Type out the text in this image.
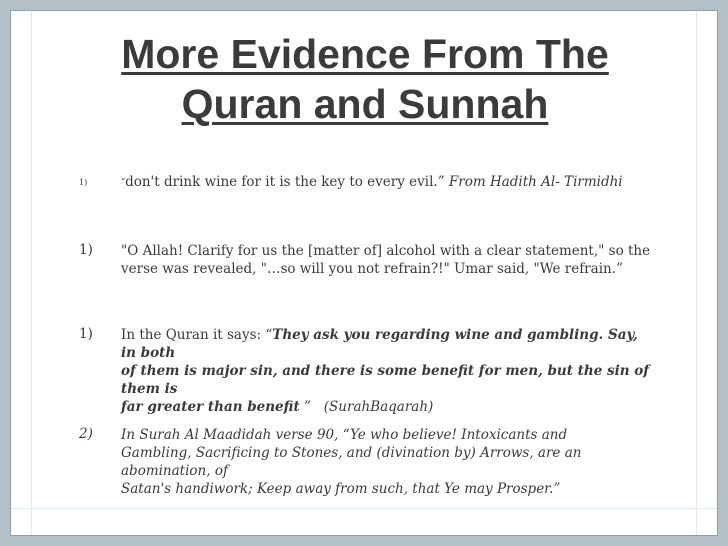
More Evidence From The
Quran and Sunnah
1)	“don't drink wine for it is the key to every evil.” From Hadith Al- Tirmidhi
1) "O Allah! Clarify for us the [matter of] alcohol with a clear statement," so the
verse was revealed, "…so will you not refrain?!" Umar said, "We refrain.”
1) In the Quran it says: “They ask you regarding wine and gambling. Say, in both
of them is major sin, and there is some benefit for men, but the sin of them is
far greater than benefit ”   (SurahBaqarah)
2) In Surah Al Maadidah verse 90, “Ye who believe! Intoxicants and
Gambling, Sacrificing to Stones, and (divination by) Arrows, are an abomination, of
Satan's handiwork; Keep away from such, that Ye may Prosper.”
